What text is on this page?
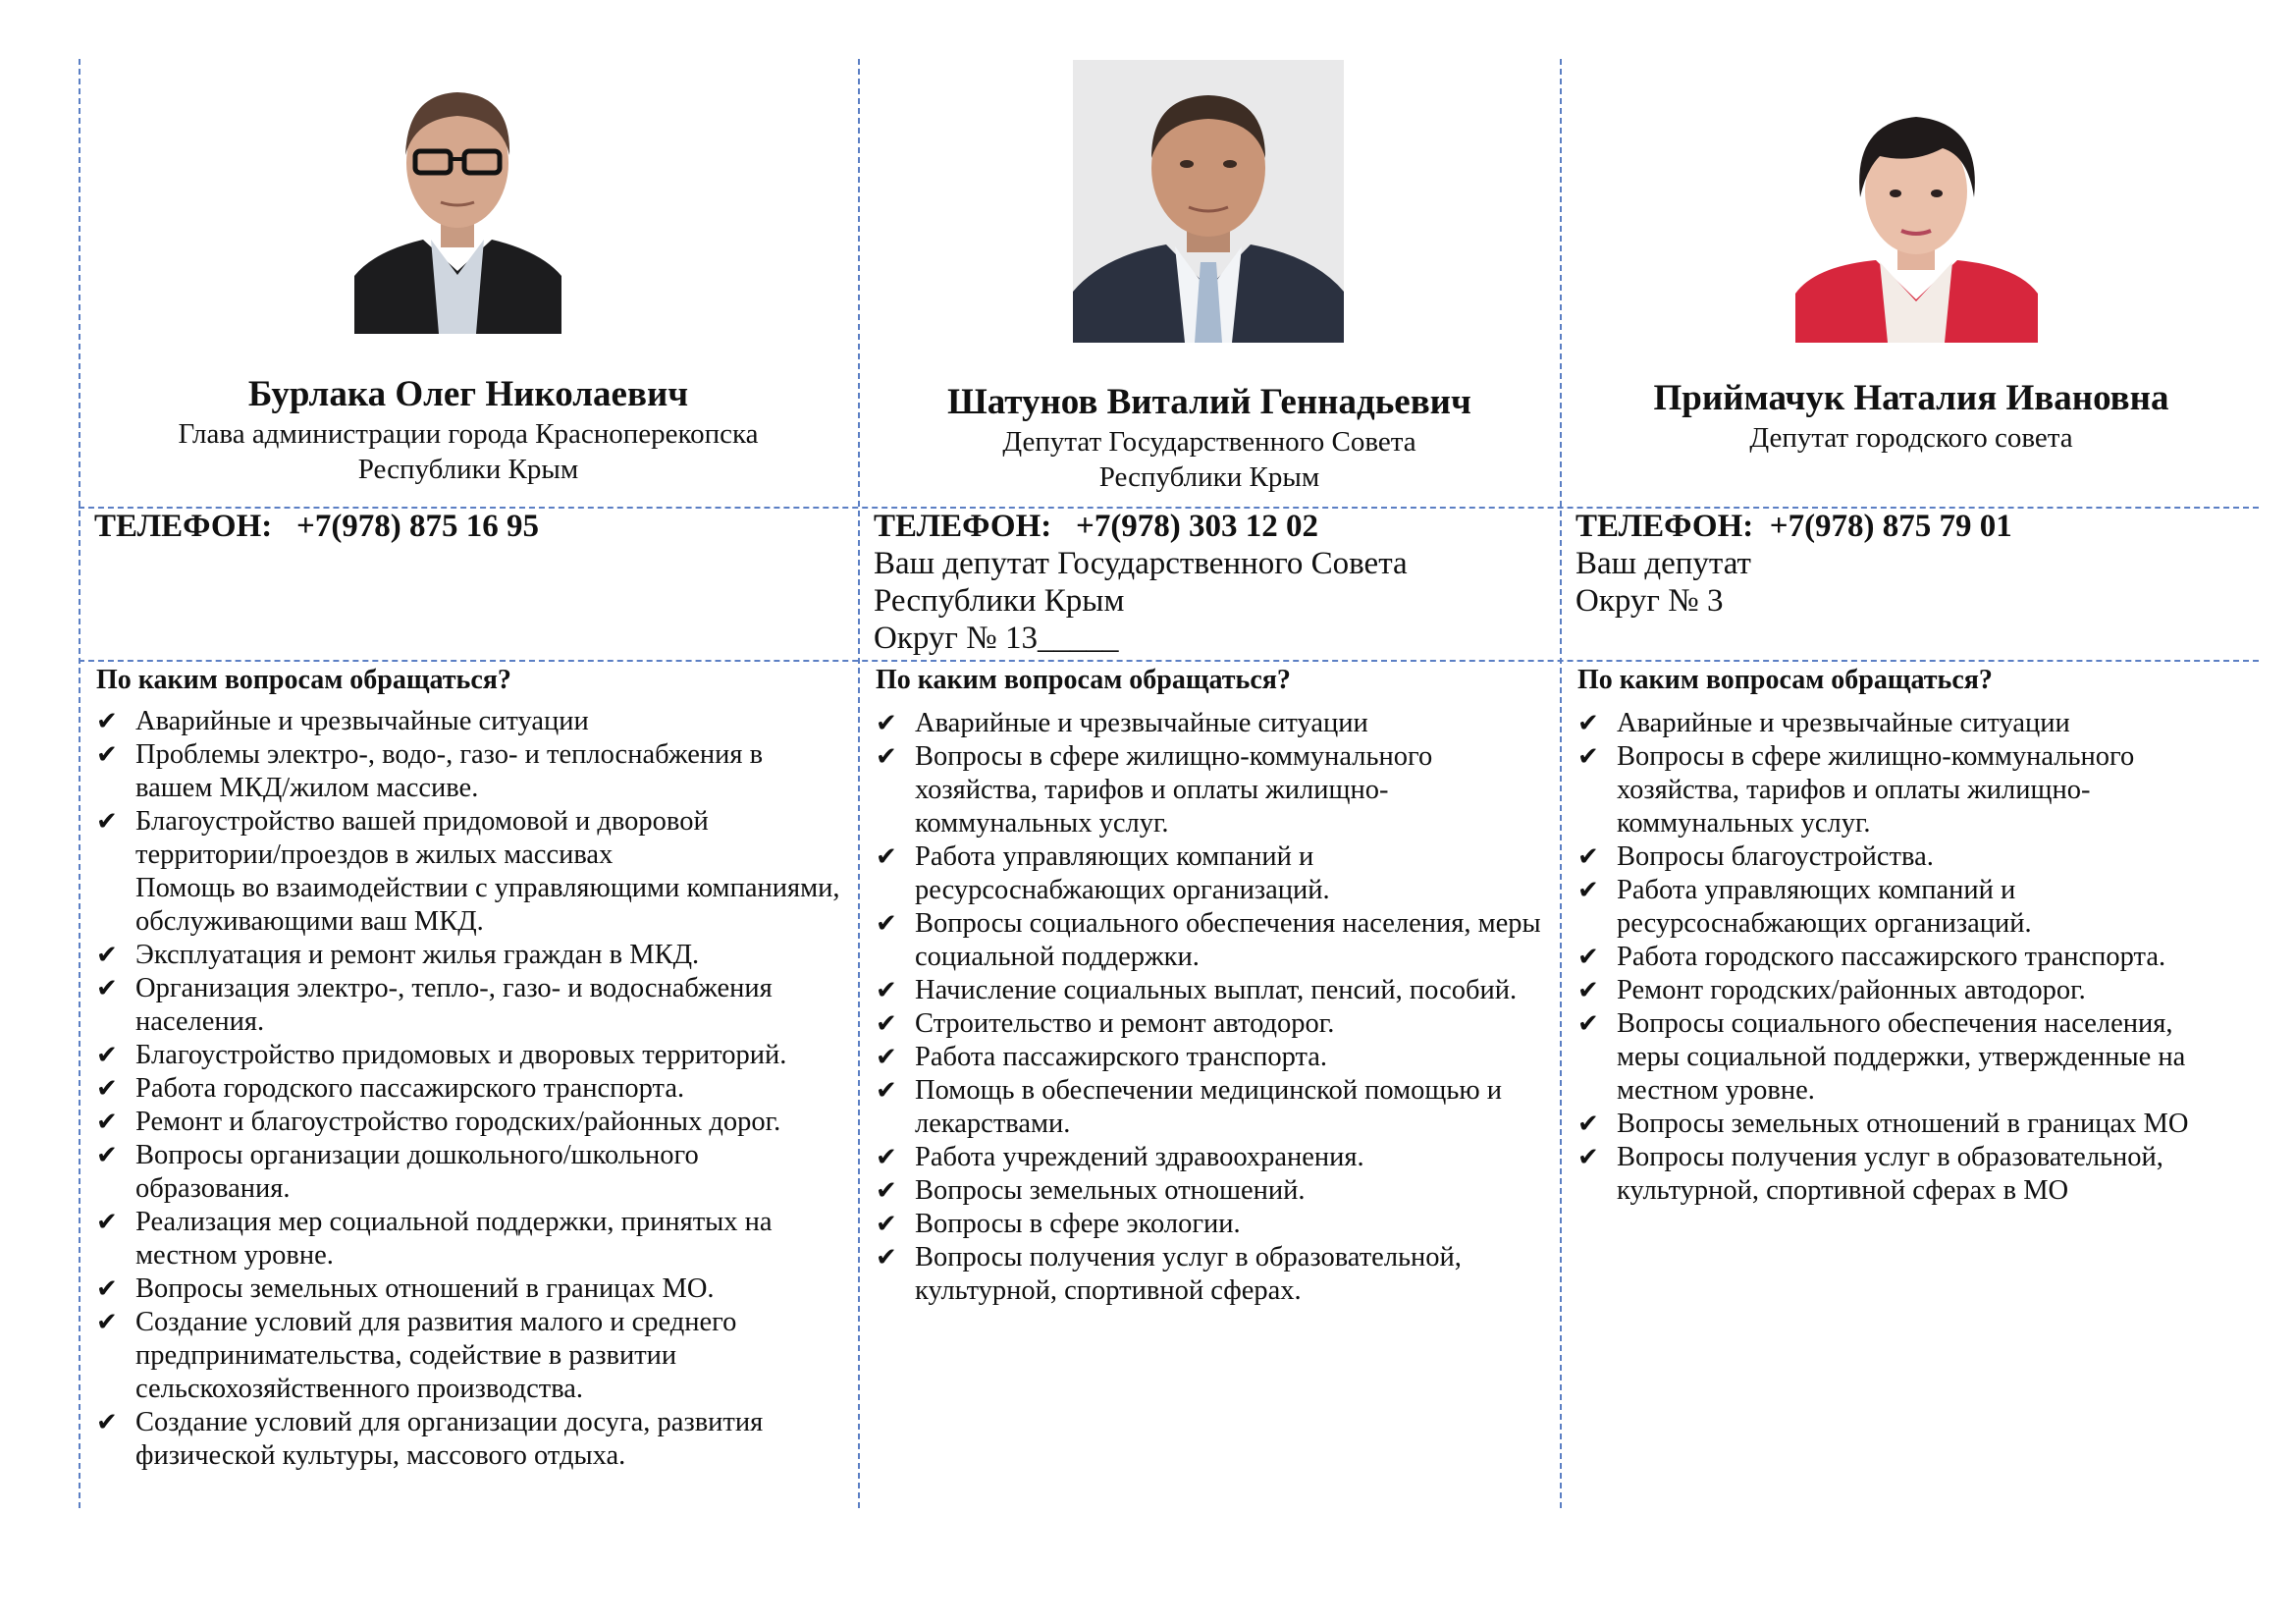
Бурлака Олег Николаевич
Глава администрации города Красноперекопска
Республики Крым
ТЕЛЕФОН:   +7(978) 875 16 95
По каким вопросам обращаться?
✔ Аварийные и чрезвычайные ситуации
✔ Проблемы электро-, водо-, газо- и теплоснабжения в вашем МКД/жилом массиве.
✔ Благоустройство вашей придомовой и дворовой территории/проездов в жилых массивах
Помощь во взаимодействии с управляющими компаниями, обслуживающими ваш МКД.
✔ Эксплуатация и ремонт жилья граждан в МКД.
✔ Организация электро-, тепло-, газо- и водоснабжения населения.
✔ Благоустройство придомовых и дворовых территорий.
✔ Работа городского пассажирского транспорта.
✔ Ремонт и благоустройство городских/районных дорог.
✔ Вопросы организации дошкольного/школьного образования.
✔ Реализация мер социальной поддержки, принятых на местном уровне.
✔ Вопросы земельных отношений в границах МО.
✔ Создание условий для развития малого и среднего предпринимательства, содействие в развитии сельскохозяйственного производства.
✔ Создание условий для организации досуга, развития физической культуры, массового отдыха.
Шатунов Виталий Геннадьевич
Депутат Государственного Совета
Республики Крым
ТЕЛЕФОН:   +7(978) 303 12 02
Ваш депутат Государственного Совета
Республики Крым
Округ № 13_____
По каким вопросам обращаться?
✔ Аварийные и чрезвычайные ситуации
✔ Вопросы в сфере жилищно-коммунального хозяйства, тарифов и оплаты жилищно-коммунальных услуг.
✔ Работа управляющих компаний и ресурсоснабжающих организаций.
✔ Вопросы социального обеспечения населения, меры социальной поддержки.
✔ Начисление социальных выплат, пенсий, пособий.
✔ Строительство и ремонт автодорог.
✔ Работа пассажирского транспорта.
✔ Помощь в обеспечении медицинской помощью и лекарствами.
✔ Работа учреждений здравоохранения.
✔ Вопросы земельных отношений.
✔ Вопросы в сфере экологии.
✔ Вопросы получения услуг в образовательной, культурной, спортивной сферах.
Приймачук Наталия Ивановна
Депутат городского совета
ТЕЛЕФОН:  +7(978) 875 79 01
Ваш депутат
Округ № 3
По каким вопросам обращаться?
✔ Аварийные и чрезвычайные ситуации
✔ Вопросы в сфере жилищно-коммунального хозяйства, тарифов и оплаты жилищно-коммунальных услуг.
✔ Вопросы благоустройства.
✔ Работа управляющих компаний и ресурсоснабжающих организаций.
✔ Работа городского пассажирского транспорта.
✔ Ремонт городских/районных автодорог.
✔ Вопросы социального обеспечения населения, меры социальной поддержки, утвержденные на местном уровне.
✔ Вопросы земельных отношений в границах МО
✔ Вопросы получения услуг в образовательной, культурной, спортивной сферах в МО
